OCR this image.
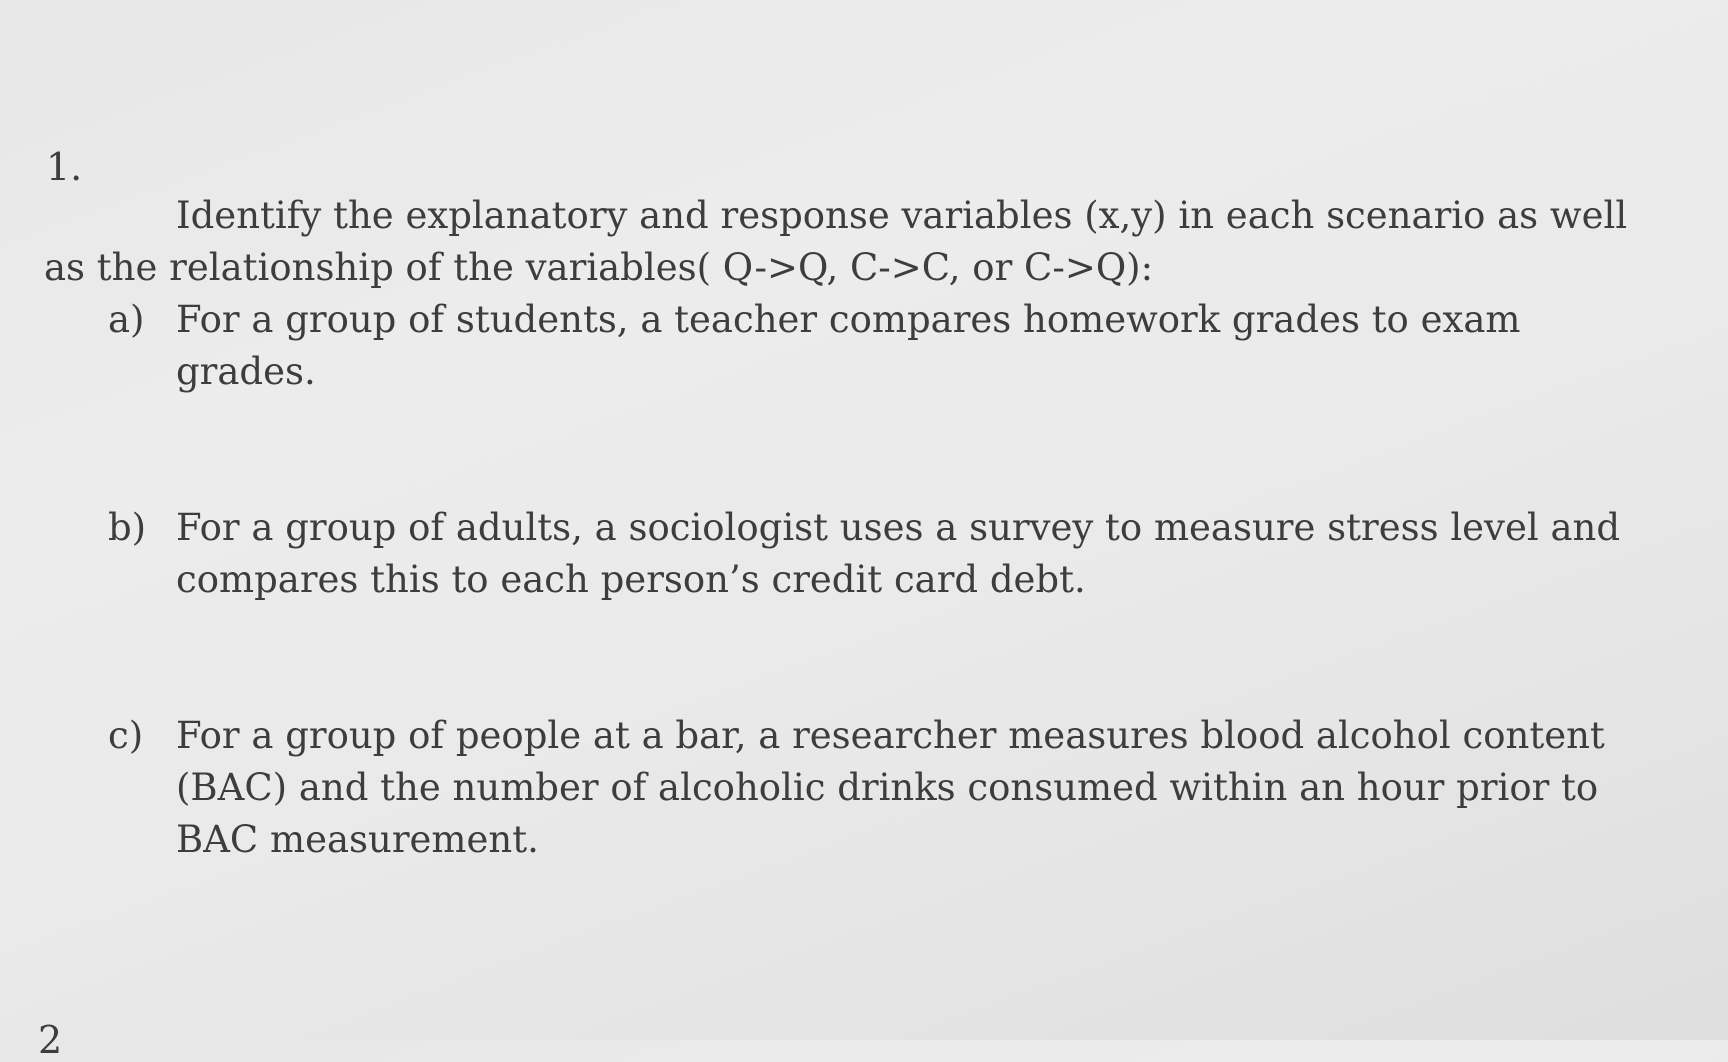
1.
Identify the explanatory and response variables (x,y) in each scenario as well
as the relationship of the variables( Q->Q, C->C, or C->Q):
a) For a group of students, a teacher compares homework grades to exam grades.
b) For a group of adults, a sociologist uses a survey to measure stress level and compares this to each person’s credit card debt.
c) For a group of people at a bar, a researcher measures blood alcohol content (BAC) and the number of alcoholic drinks consumed within an hour prior to BAC measurement.
2
